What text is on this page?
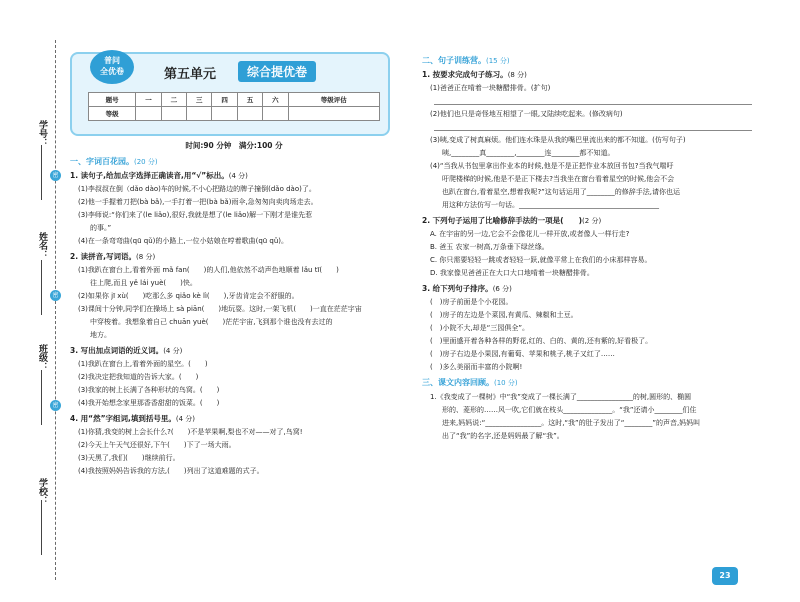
学号：
姓名：
班级：
学校：
密
密
密
普问
全优卷	第五单元	综合提优卷
题号	一	二	三	四	五	六	等级评估
等级							
时间:90 分钟　满分:100 分
一、字词百花园。(20 分)
1. 读句子,给加点字选择正确读音,用“√”标出。(4 分)
(1)李叔叔在倒（dǎo dào)车的时候,不小心把路边的牌子撞倒(dǎo dào)了。
(2)他一手握着刀把(bà bǎ),一手打着一把(bà bǎ)雨伞,急匆匆向卖肉场走去。
(3)李师说:“你们来了(le liǎo),很好,我就是想了(le liǎo)解一下刚才是谁先惹
的事。”
(4)在一条弯弯曲(qū qǔ)的小路上,一位小姑娘在哼着歌曲(qū qǔ)。
2. 读拼音,写词语。(8 分)
(1)我趴在窗台上,看着外面 mǎ fan(　　)的人们,他依然不动声色地顺着 lǎu tī(　　)
往上爬,而且 yě lái yuè(　　)快。
(2)如果你 jī xù(　　)吃那么多 qiǎo kè lì(　　),牙齿肯定会不舒服的。
(3)课间十分钟,同学们在操场上 sà piān(　　)地玩耍。这时,一架飞机(　　)一直在茫茫宇宙
中穿梭着。我想象着自己 chuān yuè(　　)茫茫宇宙,飞到那个谁也没有去过的
地方。
3. 写出加点词语的近义词。(4 分)
(1)我趴在窗台上,看着外面的星空。(　　)
(2)我决定把我知道的告诉大家。(　　)
(3)我家的树上长满了各种形状的鸟窝。(　　)
(4)我开始想念家里那香香甜甜的饭菜。(　　)
4. 用“然”字组词,填到括号里。(4 分)
(1)你猜,我变的树上会长什么?(　　)不是苹果啊,梨也不对——对了,鸟窝!
(2)今天上午天气还很好,下午(　　)下了一场大雨。
(3)天黑了,我们(　　)继续前行。
(4)我按照妈妈告诉我的方法,(　　)列出了这道难题的式子。
二、句子训练营。(15 分)
1. 按要求完成句子练习。(8 分)
(1)爸爸正在啃着一块糖醋排骨。(扩句)
(2)他们也只是奇怪地互相望了一眼,又陆续吃起来。(修改病句)
(3)咦,变成了树真麻烦。他们连水珠是从我的嘴巴里流出来的都不知道。(仿写句子)
咦,________真________,________连________都不知道。
(4)“当我从书包里拿出作业本的时候,他是不是正把作业本放回书包?当我气喘吁
吁爬楼梯的时候,他是不是正下楼去?当我坐在窗台看着星空的时候,他会不会
也趴在窗台,看着星空,想着我呢?”这句话运用了________的修辞手法,请你也运
用这种方法仿写一句话。________________________________________
2. 下列句子运用了比喻修辞手法的一项是(　　)(2 分)
A. 在宇宙的另一边,它会不会像花儿一样开放,或者像人一样行走?
B. 爸玉 农家一树高,万条垂下绿丝绦。
C. 你只需要轻轻一跳或者轻轻一跃,就像平常上在我们的小床那样容易。
D. 我家像见爸爸正在大口大口地啃着一块糖醋排骨。
3. 给下列句子排序。(6 分)
(　)房子前面是个小花园。
(　)房子的左边是个菜园,有黄瓜、辣椒和土豆。
(　)小院不大,却是“三园俱全”。
(　)里面盛开着各种各样的野花,红的、白的、黄的,还有紫的,好看极了。
(　)房子右边是小果园,有葡萄、苹果和桃子,桃子又红了……
(　)多么美丽而丰富的小院啊!
三、课文内容回顾。(10 分)
1.《我变成了一棵树》中“我”变成了一棵长满了________________的树,圆形的、椭圆
形的、菱形的……风一吹,它们就在枝头______________。“我”还请小________们住
进来,妈妈说:“________________。这时,“我”的肚子发出了“________”的声音,妈妈叫
出了“我”的名字,还是妈妈最了解“我”。
23
